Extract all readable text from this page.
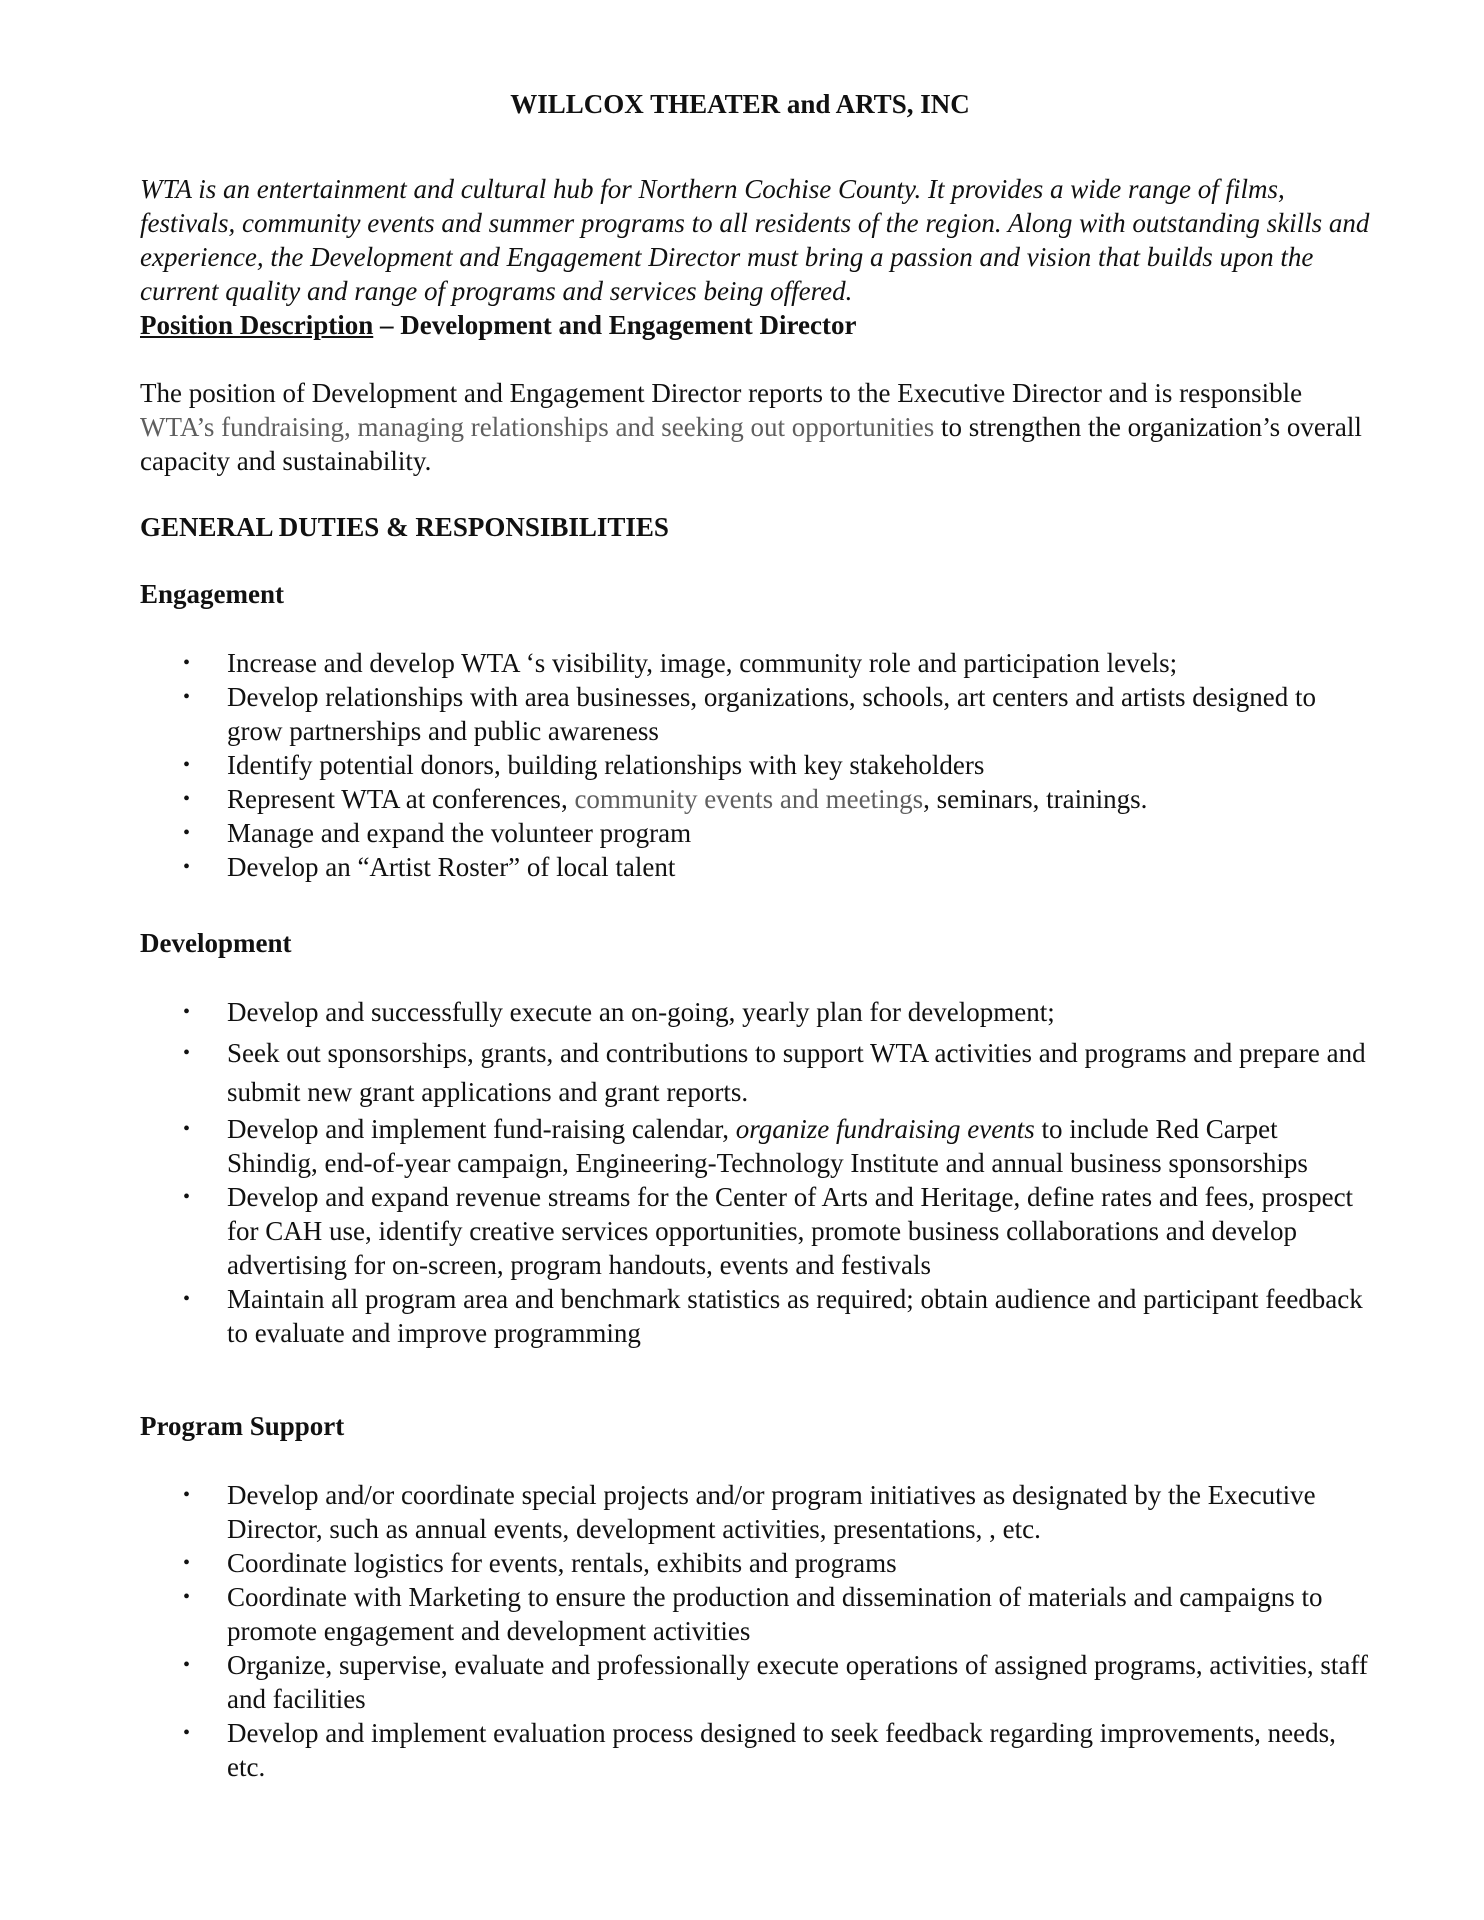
WILLCOX THEATER and ARTS, INC
WTA is an entertainment and cultural hub for Northern Cochise County. It provides a wide range of films, festivals, community events and summer programs to all residents of the region. Along with outstanding skills and experience, the Development and Engagement Director must bring a passion and vision that builds upon the current quality and range of programs and services being offered.
Position Description – Development and Engagement Director
The position of Development and Engagement Director reports to the Executive Director and is responsible WTA’s fundraising, managing relationships and seeking out opportunities to strengthen the organization’s overall capacity and sustainability.
GENERAL DUTIES & RESPONSIBILITIES
Engagement
• Increase and develop WTA ‘s visibility, image, community role and participation levels;
• Develop relationships with area businesses, organizations, schools, art centers and artists designed to grow partnerships and public awareness
• Identify potential donors, building relationships with key stakeholders
• Represent WTA at conferences, community events and meetings, seminars, trainings.
• Manage and expand the volunteer program
• Develop an “Artist Roster” of local talent
Development
• Develop and successfully execute an on-going, yearly plan for development;
• Seek out sponsorships, grants, and contributions to support WTA activities and programs and prepare and submit new grant applications and grant reports.
• Develop and implement fund-raising calendar, organize fundraising events to include Red Carpet Shindig, end-of-year campaign, Engineering-Technology Institute and annual business sponsorships
• Develop and expand revenue streams for the Center of Arts and Heritage, define rates and fees, prospect for CAH use, identify creative services opportunities, promote business collaborations and develop advertising for on-screen, program handouts, events and festivals
• Maintain all program area and benchmark statistics as required; obtain audience and participant feedback to evaluate and improve programming
Program Support
• Develop and/or coordinate special projects and/or program initiatives as designated by the Executive Director, such as annual events, development activities, presentations, , etc.
• Coordinate logistics for events, rentals, exhibits and programs
• Coordinate with Marketing to ensure the production and dissemination of materials and campaigns to promote engagement and development activities
• Organize, supervise, evaluate and professionally execute operations of assigned programs, activities, staff and facilities
• Develop and implement evaluation process designed to seek feedback regarding improvements, needs, etc.
